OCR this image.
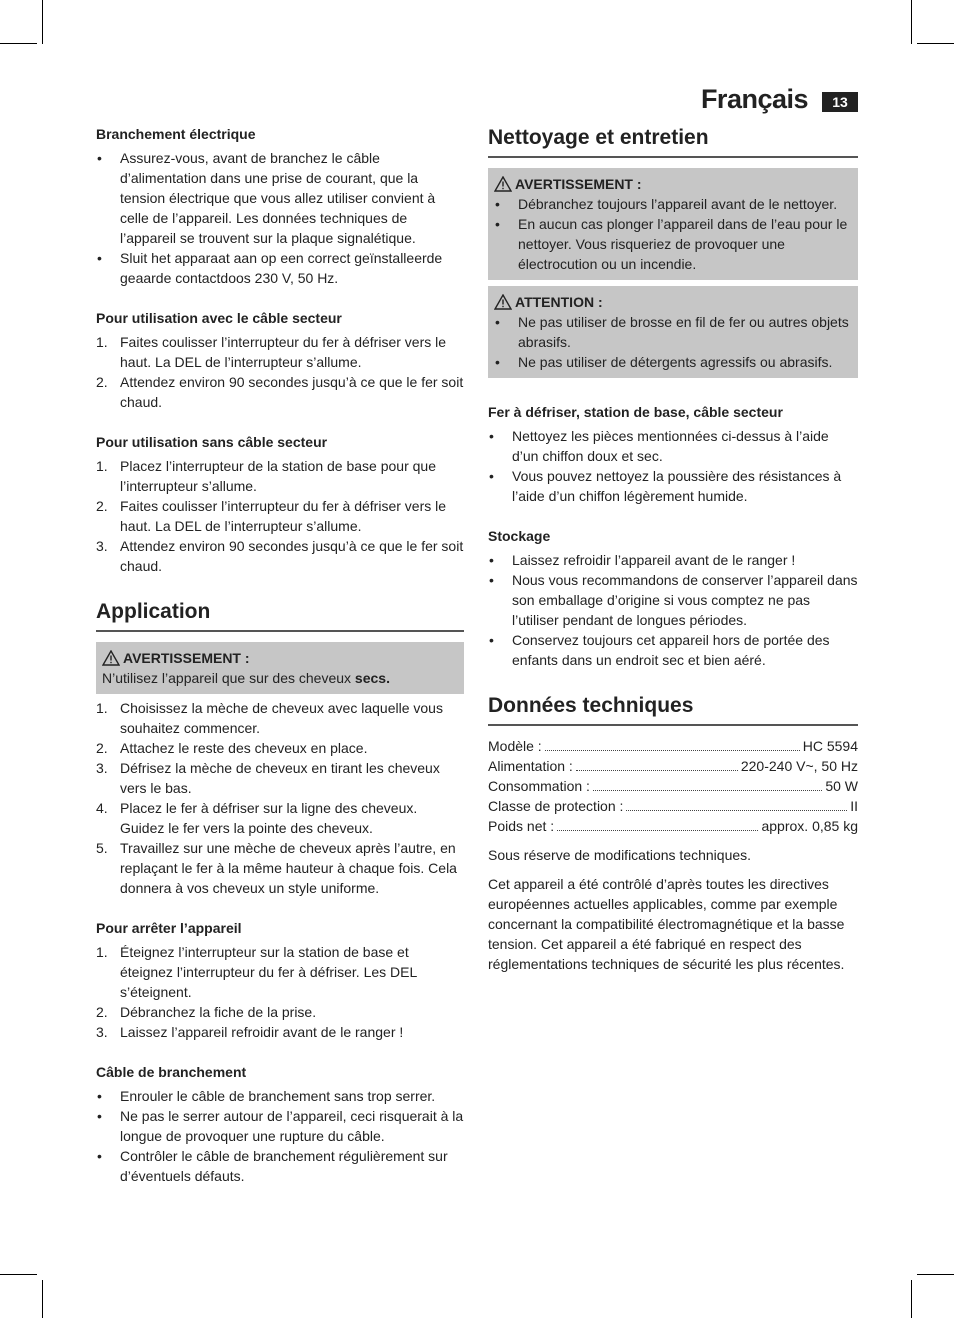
Français	13
Branchement électrique
• Assurez-vous, avant de branchez le câble d’alimentation dans une prise de courant, que la tension électrique que vous allez utiliser convient à celle de l’appareil. Les données techniques de l’appareil se trouvent sur la plaque signalétique.
• Sluit het apparaat aan op een correct geïnstalleerde geaarde contactdoos 230 V, 50 Hz.
Pour utilisation avec le câble secteur
1. Faites coulisser l’interrupteur du fer à défriser vers le haut. La DEL de l’interrupteur s’allume.
2. Attendez environ 90 secondes jusqu’à ce que le fer soit chaud.
Pour utilisation sans câble secteur
1. Placez l’interrupteur de la station de base pour que l’interrupteur s’allume.
2. Faites coulisser l’interrupteur du fer à défriser vers le haut. La DEL de l’interrupteur s’allume.
3. Attendez environ 90 secondes jusqu’à ce que le fer soit chaud.
Application
AVERTISSEMENT :
N’utilisez l’appareil que sur des cheveux secs.
1. Choisissez la mèche de cheveux avec laquelle vous souhaitez commencer.
2. Attachez le reste des cheveux en place.
3. Défrisez la mèche de cheveux en tirant les cheveux vers le bas.
4. Placez le fer à défriser sur la ligne des cheveux. Guidez le fer vers la pointe des cheveux.
5. Travaillez sur une mèche de cheveux après l’autre, en replaçant le fer à la même hauteur à chaque fois. Cela donnera à vos cheveux un style uniforme.
Pour arrêter l’appareil
1. Éteignez l’interrupteur sur la station de base et éteignez l’interrupteur du fer à défriser. Les DEL s’éteignent.
2. Débranchez la fiche de la prise.
3. Laissez l’appareil refroidir avant de le ranger !
Câble de branchement
• Enrouler le câble de branchement sans trop serrer.
• Ne pas le serrer autour de l’appareil, ceci risquerait à la longue de provoquer une rupture du câble.
• Contrôler le câble de branchement régulièrement sur d’éventuels défauts.
Nettoyage et entretien
AVERTISSEMENT :
• Débranchez toujours l’appareil avant de le nettoyer.
• En aucun cas plonger l’appareil dans de l’eau pour le nettoyer. Vous risqueriez de provoquer une électrocution ou un incendie.
ATTENTION :
• Ne pas utiliser de brosse en fil de fer ou autres objets abrasifs.
• Ne pas utiliser de détergents agressifs ou abrasifs.
Fer à défriser, station de base, câble secteur
• Nettoyez les pièces mentionnées ci-dessus à l’aide d’un chiffon doux et sec.
• Vous pouvez nettoyez la poussière des résistances à l’aide d’un chiffon légèrement humide.
Stockage
• Laissez refroidir l’appareil avant de le ranger !
• Nous vous recommandons de conserver l’appareil dans son emballage d’origine si vous comptez ne pas l’utiliser pendant de longues périodes.
• Conservez toujours cet appareil hors de portée des enfants dans un endroit sec et bien aéré.
Données techniques
Modèle :	HC 5594
Alimentation :	220-240 V~, 50 Hz
Consommation :	50 W
Classe de protection :	II
Poids net :	approx. 0,85 kg

Sous réserve de modifications techniques.

Cet appareil a été contrôlé d’après toutes les directives européennes actuelles applicables, comme par exemple concernant la compatibilité électromagnétique et la basse tension. Cet appareil a été fabriqué en respect des réglementations techniques de sécurité les plus récentes.
